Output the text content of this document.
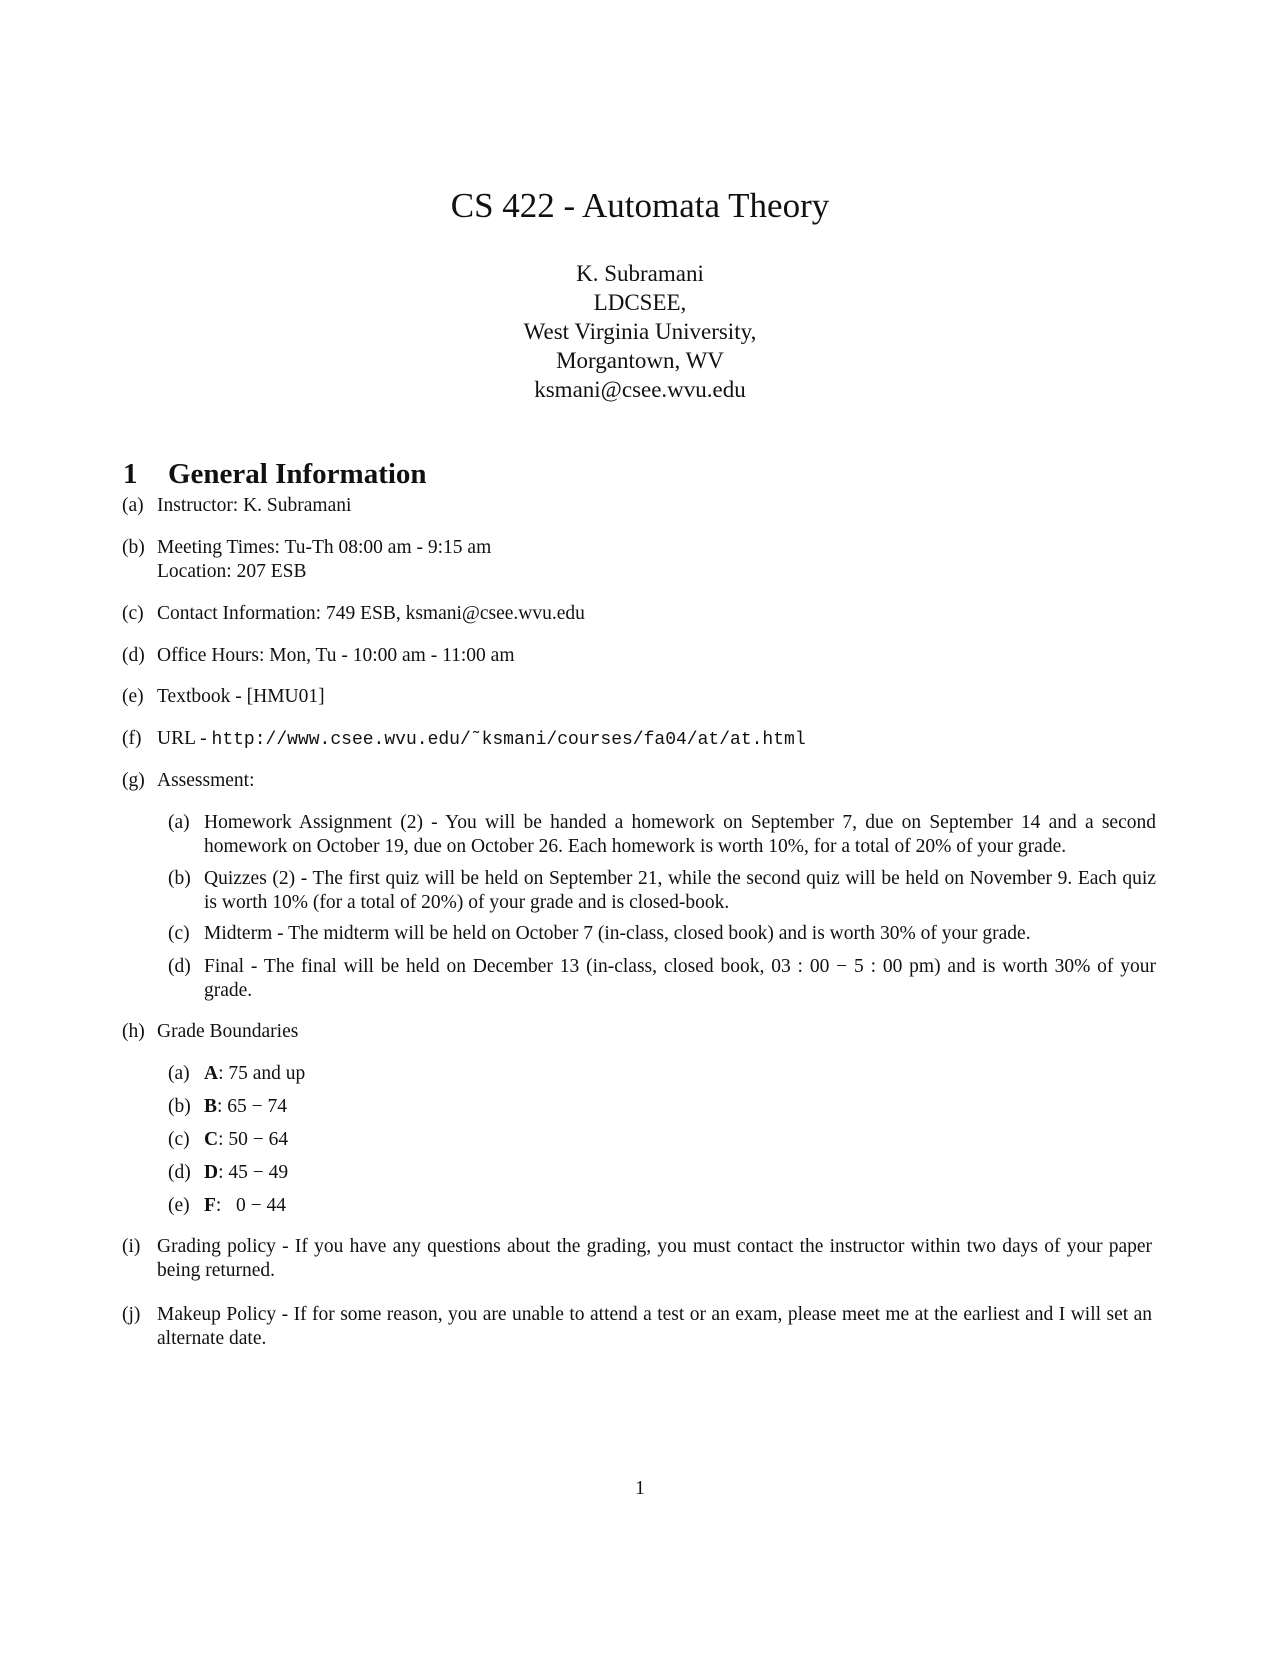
CS 422 - Automata Theory
K. Subramani
LDCSEE,
West Virginia University,
Morgantown, WV
ksmani@csee.wvu.edu
1 General Information
(a) Instructor: K. Subramani
(b) Meeting Times: Tu-Th 08:00 am - 9:15 am
Location: 207 ESB
(c) Contact Information: 749 ESB, ksmani@csee.wvu.edu
(d) Office Hours: Mon, Tu - 10:00 am - 11:00 am
(e) Textbook - [HMU01]
(f) URL - http://www.csee.wvu.edu/˜ksmani/courses/fa04/at/at.html
(g) Assessment:
(a) Homework Assignment (2) - You will be handed a homework on September 7, due on September 14 and a second homework on October 19, due on October 26. Each homework is worth 10%, for a total of 20% of your grade.
(b) Quizzes (2) - The first quiz will be held on September 21, while the second quiz will be held on November 9. Each quiz is worth 10% (for a total of 20%) of your grade and is closed-book.
(c) Midterm - The midterm will be held on October 7 (in-class, closed book) and is worth 30% of your grade.
(d) Final - The final will be held on December 13 (in-class, closed book, 03 : 00 − 5 : 00 pm) and is worth 30% of your grade.
(h) Grade Boundaries
(a) A: 75 and up
(b) B: 65 − 74
(c) C: 50 − 64
(d) D: 45 − 49
(e) F:   0 − 44
(i) Grading policy - If you have any questions about the grading, you must contact the instructor within two days of your paper being returned.
(j) Makeup Policy - If for some reason, you are unable to attend a test or an exam, please meet me at the earliest and I will set an alternate date.
1
